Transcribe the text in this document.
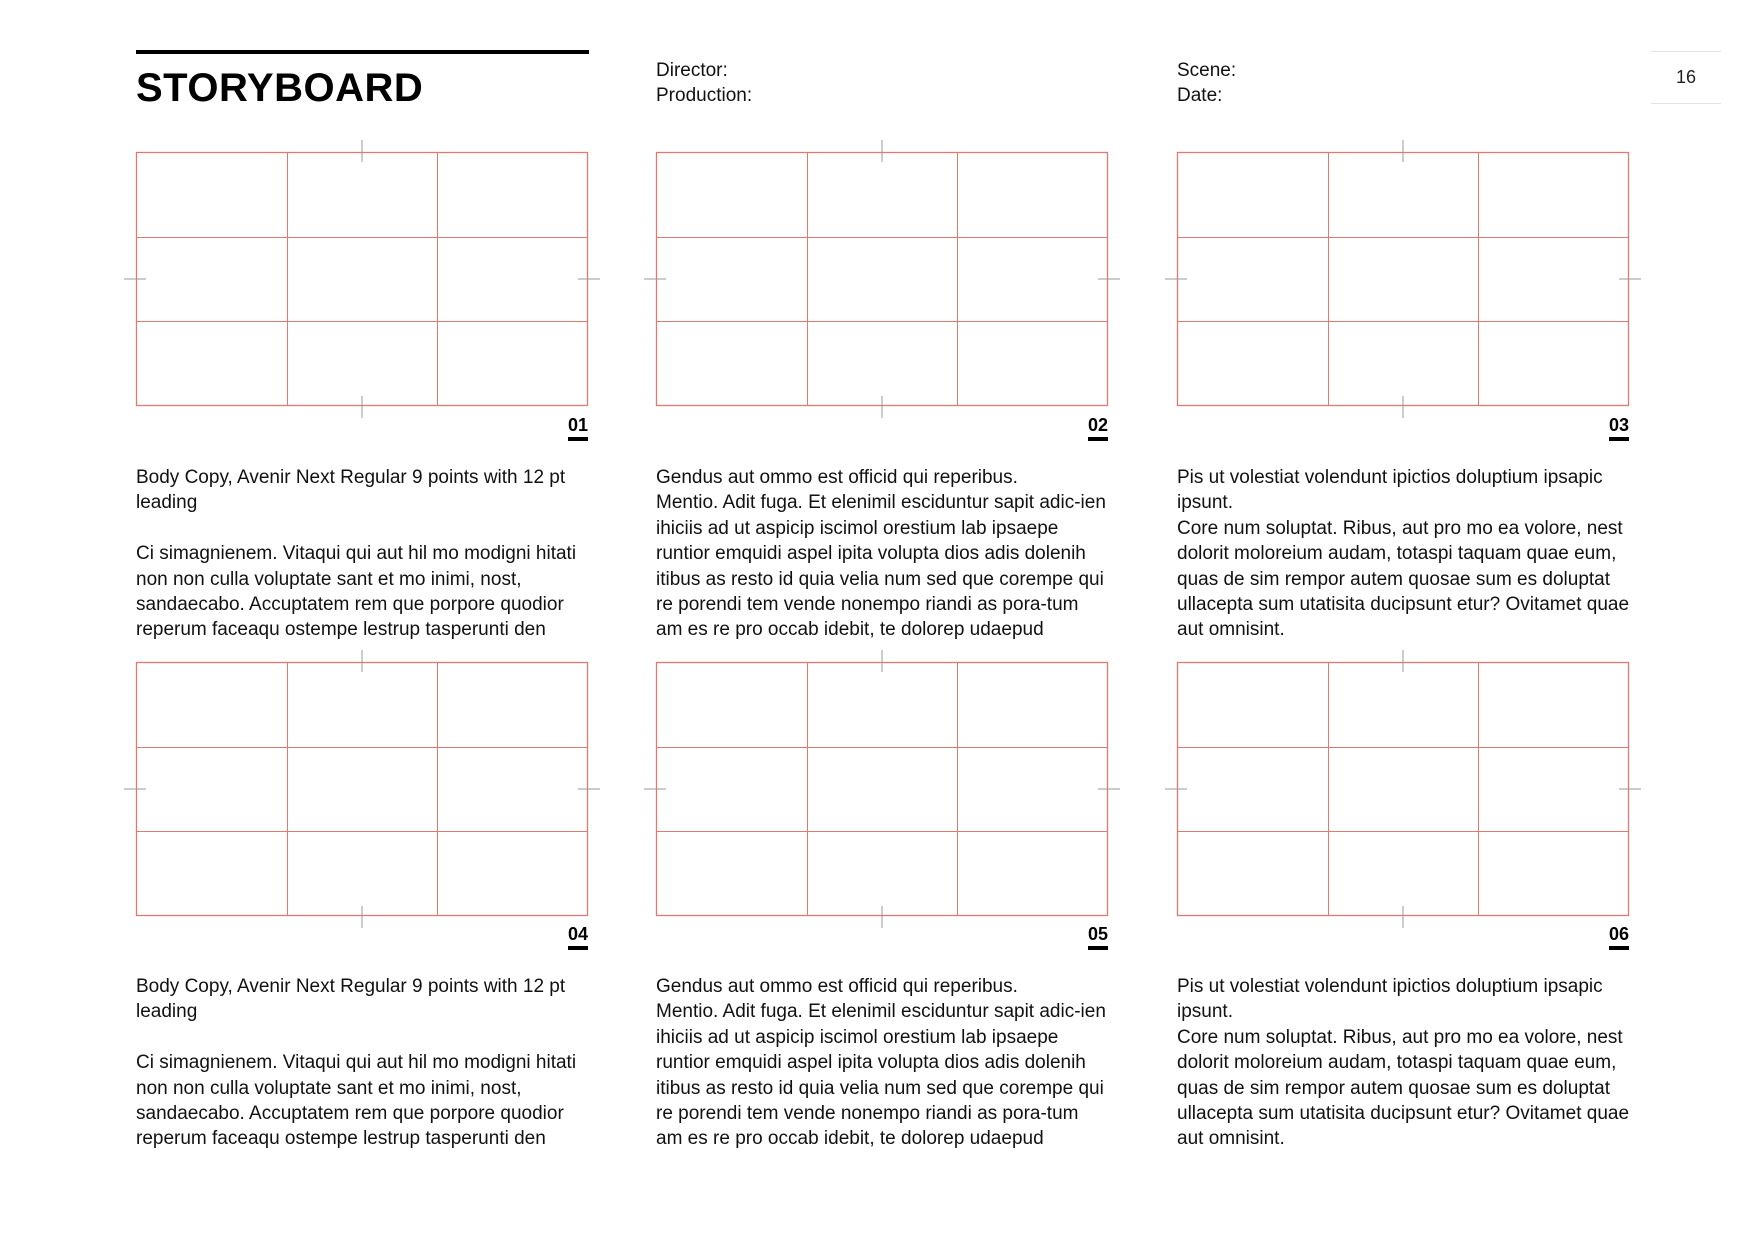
STORYBOARD	Director:
Production:
Scene:
Date:
16
01	02	03
04	05	06

Body Copy, Avenir Next Regular 9 points with 12 pt leading

Ci simagnienem. Vitaqui qui aut hil mo modigni hitati non non culla voluptate sant et mo inimi, nost, sandaecabo. Accuptatem rem que porpore quodior reperum faceaqu ostempe lestrup tasperunti den

Gendus aut ommo est officid qui reperibus.

Mentio. Adit fuga. Et elenimil esciduntur sapit adic-ien ihiciis ad ut aspicip iscimol orestium lab ipsaepe runtior emquidi aspel ipita volupta dios adis dolenih itibus as resto id quia velia num sed que corempe qui re porendi tem vende nonempo riandi as pora-tum am es re pro occab idebit, te dolorep udaepud

Pis ut volestiat volendunt ipictios doluptium ipsapic ipsunt.

Core num soluptat. Ribus, aut pro mo ea volore, nest dolorit moloreium audam, totaspi taquam quae eum, quas de sim rempor autem quosae sum es doluptat ullacepta sum utatisita ducipsunt etur? Ovitamet quae aut omnisint.

Body Copy, Avenir Next Regular 9 points with 12 pt leading

Ci simagnienem. Vitaqui qui aut hil mo modigni hitati non non culla voluptate sant et mo inimi, nost, sandaecabo. Accuptatem rem que porpore quodior reperum faceaqu ostempe lestrup tasperunti den

Gendus aut ommo est officid qui reperibus.

Mentio. Adit fuga. Et elenimil esciduntur sapit adic-ien ihiciis ad ut aspicip iscimol orestium lab ipsaepe runtior emquidi aspel ipita volupta dios adis dolenih itibus as resto id quia velia num sed que corempe qui re porendi tem vende nonempo riandi as pora-tum am es re pro occab idebit, te dolorep udaepud

Pis ut volestiat volendunt ipictios doluptium ipsapic ipsunt.

Core num soluptat. Ribus, aut pro mo ea volore, nest dolorit moloreium audam, totaspi taquam quae eum, quas de sim rempor autem quosae sum es doluptat ullacepta sum utatisita ducipsunt etur? Ovitamet quae aut omnisint.
